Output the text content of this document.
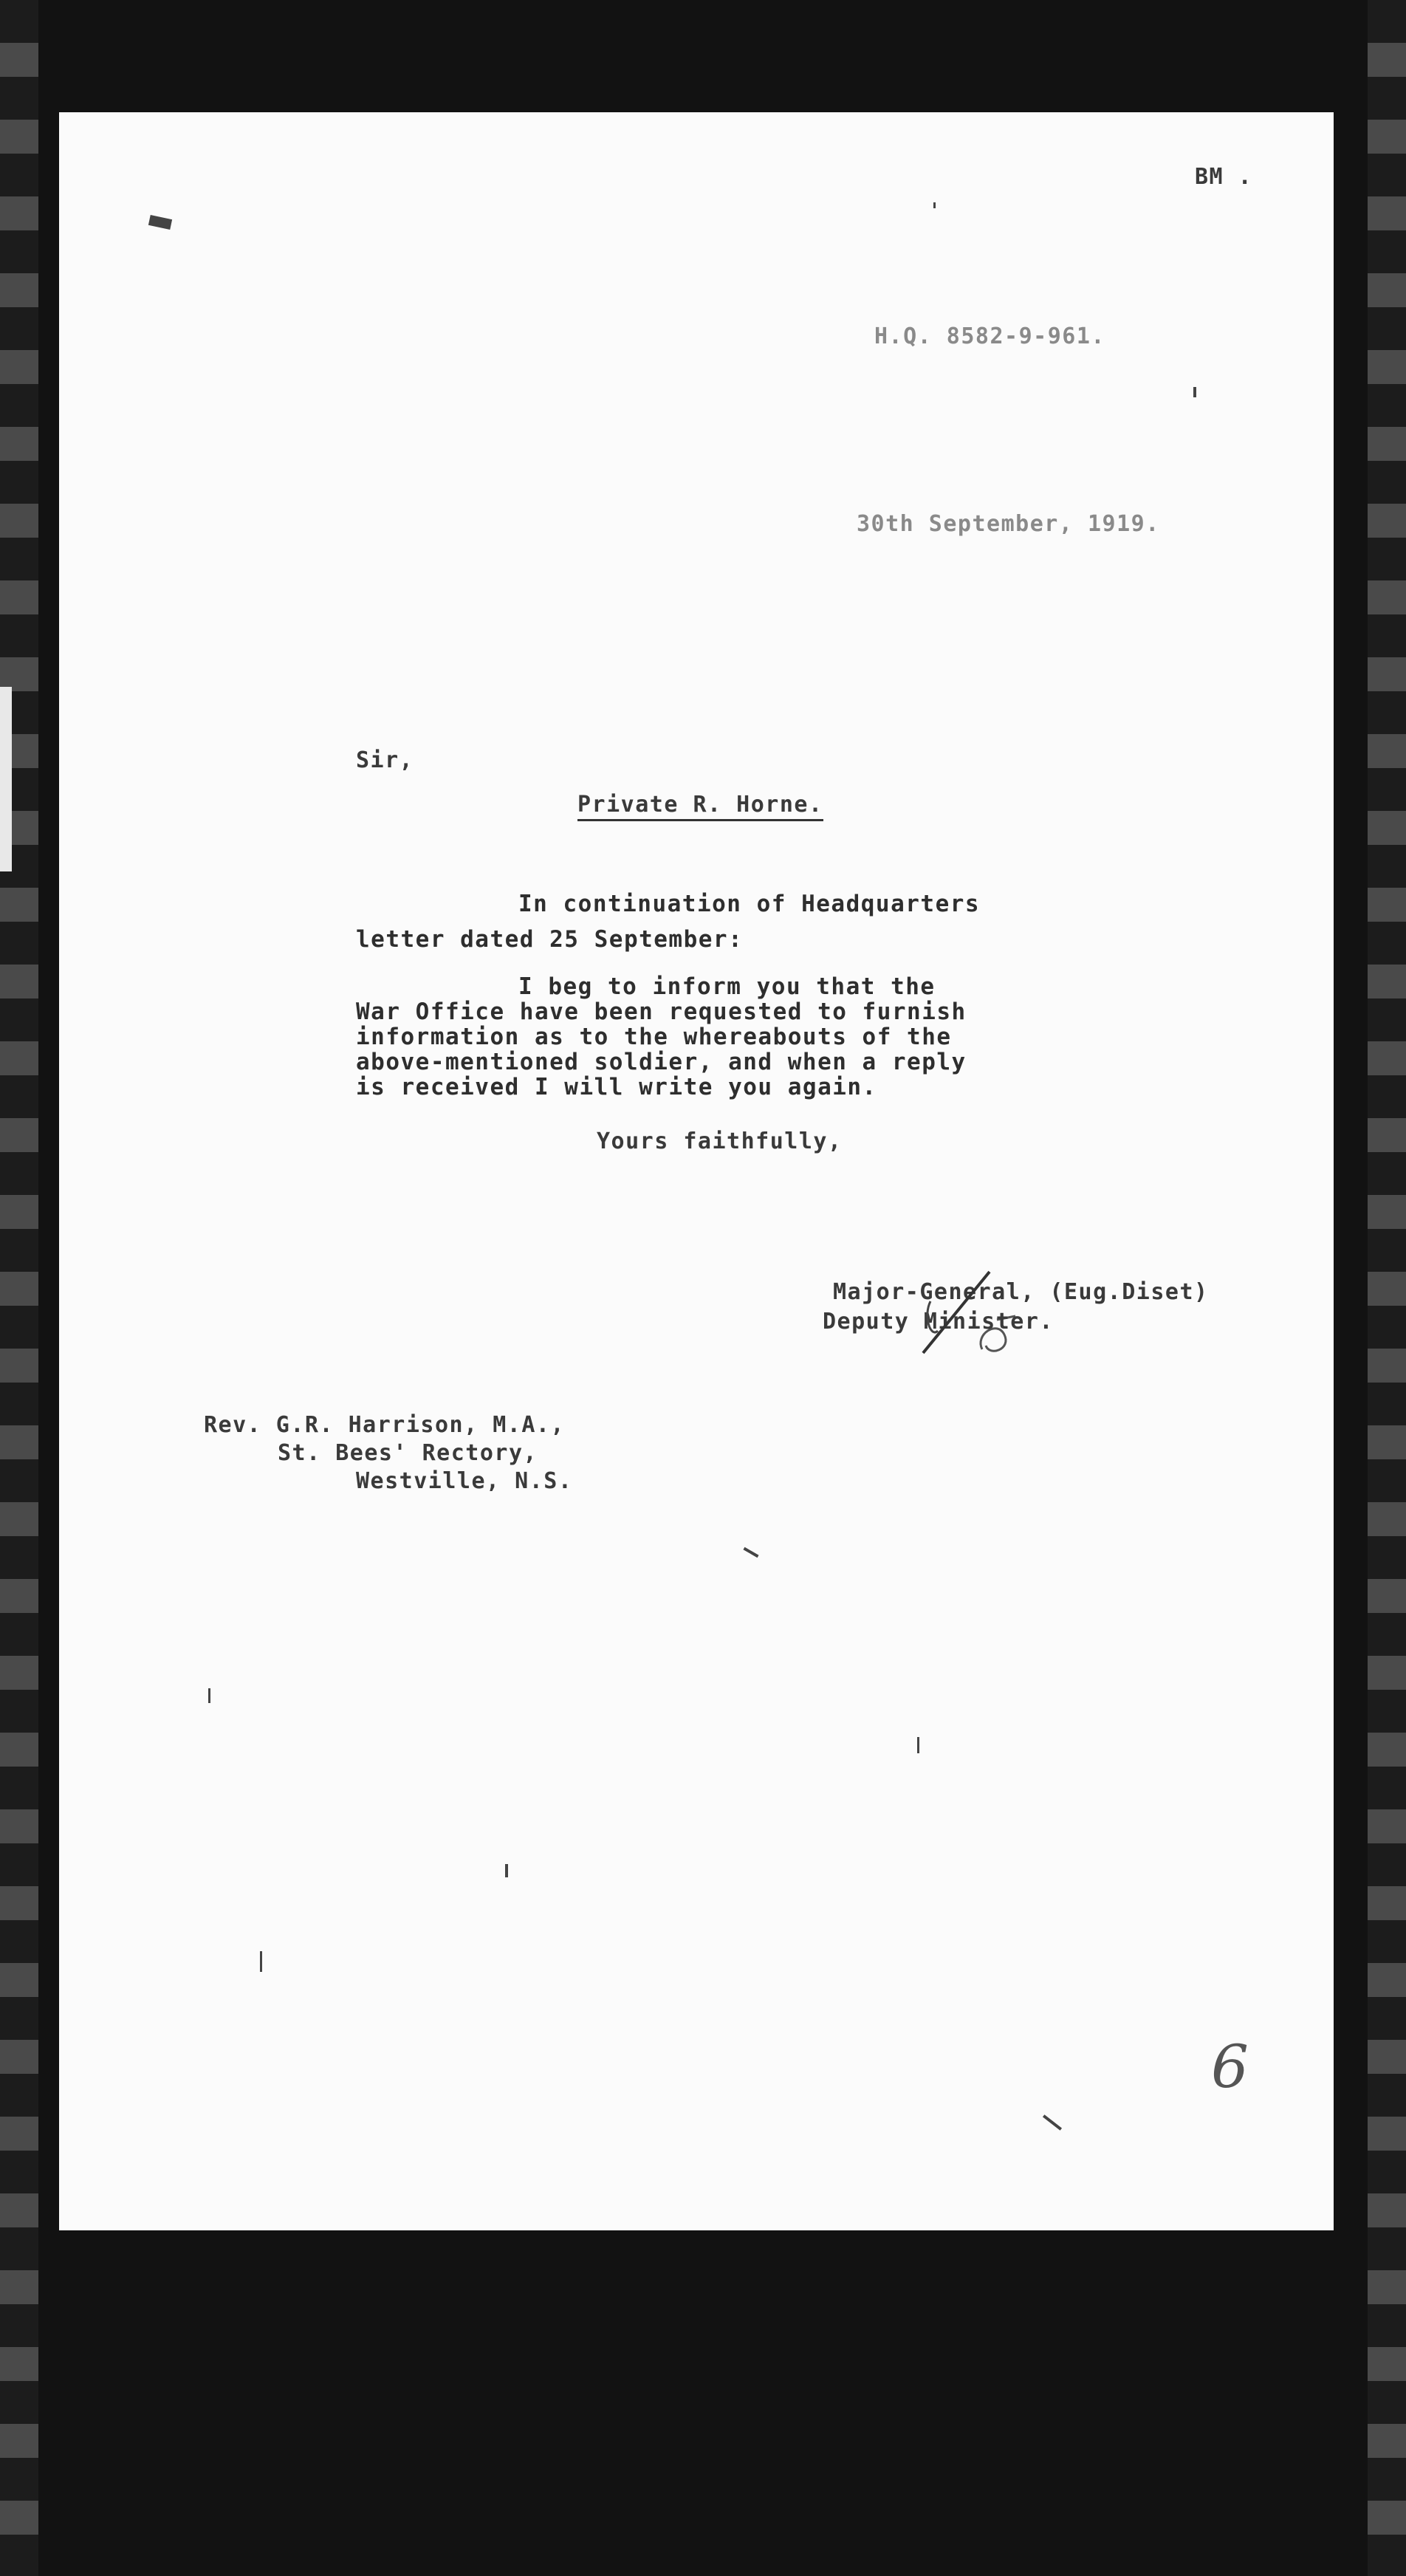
BM .
H.Q. 8582-9-961.
30th September, 1919.
Sir,
Private R. Horne.
In continuation of Headquarters
letter dated 25 September:
I beg to inform you that the
War Office have been requested to furnish
information as to the whereabouts of the
above-mentioned soldier, and when a reply
is received I will write you again.
Yours faithfully,
Major-General, (Eug.Diset)
Deputy Minister.
Rev. G.R. Harrison, M.A.,
St. Bees' Rectory,
Westville, N.S.
6
